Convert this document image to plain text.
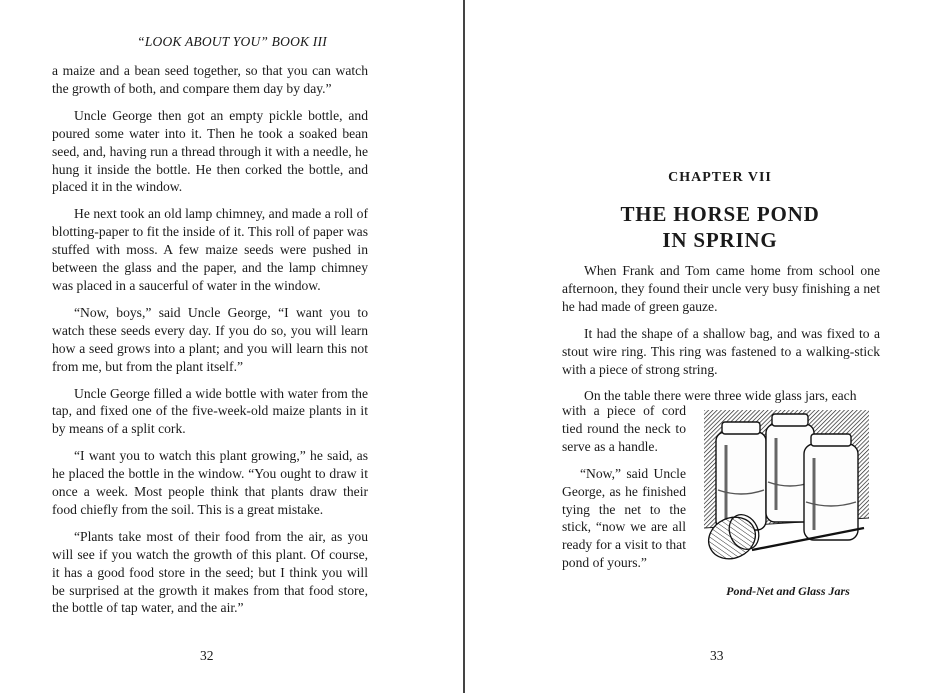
“LOOK ABOUT YOU” BOOK III

a maize and a bean seed together, so that you can watch the growth of both, and compare them day by day.”

Uncle George then got an empty pickle bottle, and poured some water into it. Then he took a soaked bean seed, and, having run a thread through it with a needle, he hung it inside the bottle. He then corked the bottle, and placed it in the window.

He next took an old lamp chimney, and made a roll of blotting-paper to fit the inside of it. This roll of paper was stuffed with moss. A few maize seeds were pushed in between the glass and the paper, and the lamp chimney was placed in a saucerful of water in the window.

“Now, boys,” said Uncle George, “I want you to watch these seeds every day. If you do so, you will learn how a seed grows into a plant; and you will learn this not from me, but from the plant itself.”

Uncle George filled a wide bottle with water from the tap, and fixed one of the five-week-old maize plants in it by means of a split cork.

“I want you to watch this plant growing,” he said, as he placed the bottle in the window. “You ought to draw it once a week. Most people think that plants draw their food chiefly from the soil. This is a great mistake.

“Plants take most of their food from the air, as you will see if you watch the growth of this plant. Of course, it has a good food store in the seed; but I think you will be surprised at the growth it makes from that food store, the bottle of tap water, and the air.”

32
CHAPTER VII
THE HORSE POND
IN SPRING

When Frank and Tom came home from school one afternoon, they found their uncle very busy finishing a net he had made of green gauze.

It had the shape of a shallow bag, and was fixed to a stout wire ring. This ring was fastened to a walking-stick with a piece of strong string.

On the table there were three wide glass jars, each

with a piece of cord tied round the neck to serve as a handle.

“Now,” said Uncle George, as he finished tying the net to the stick, “now we are all ready for a visit to that pond of yours.”

Pond-Net and Glass Jars
33
